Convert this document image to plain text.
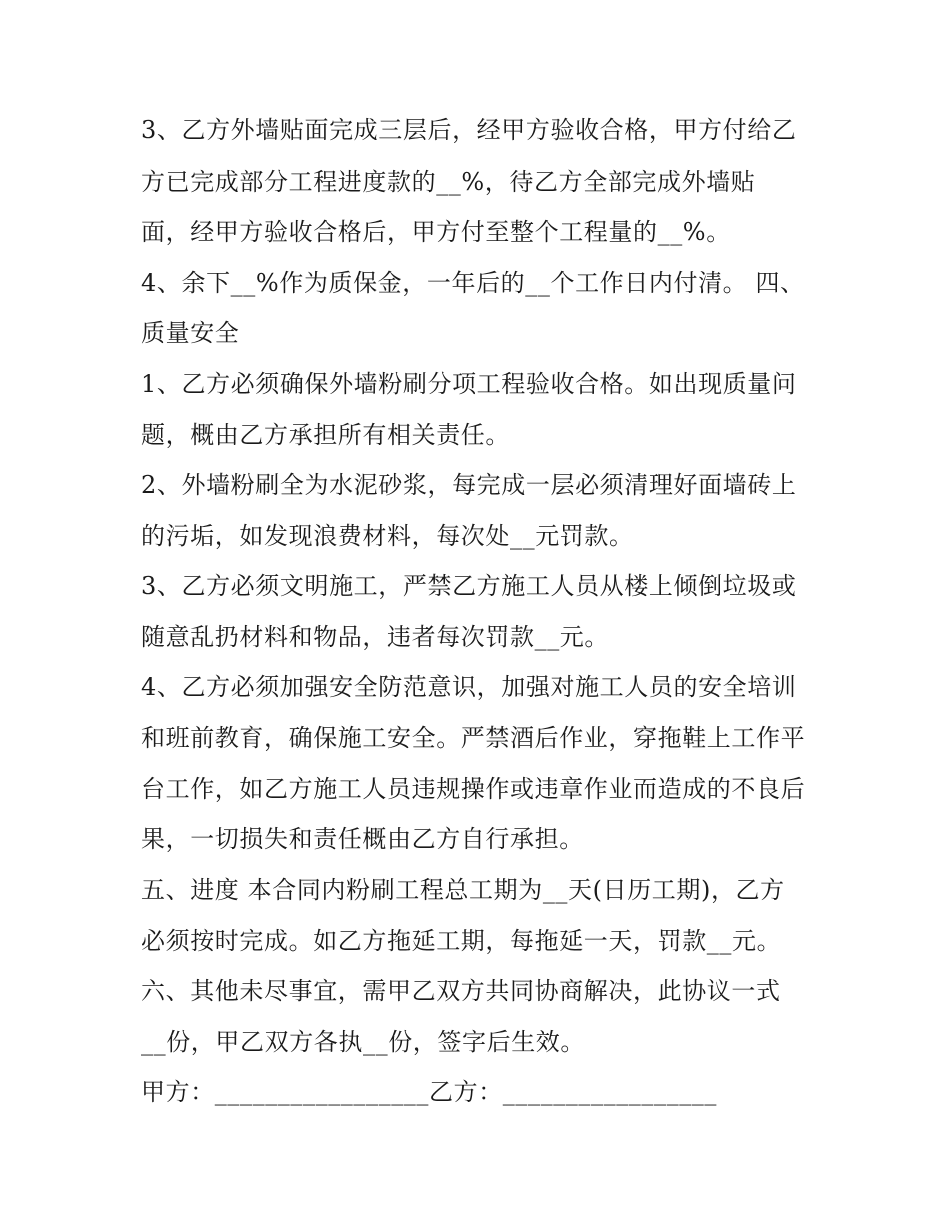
3、乙方外墙贴面完成三层后，经甲方验收合格，甲方付给乙
方已完成部分工程进度款的__%，待乙方全部完成外墙贴
面，经甲方验收合格后，甲方付至整个工程量的__%。
4、余下__%作为质保金，一年后的__个工作日内付清。 四、
质量安全
1、乙方必须确保外墙粉刷分项工程验收合格。如出现质量问
题，概由乙方承担所有相关责任。
2、外墙粉刷全为水泥砂浆，每完成一层必须清理好面墙砖上
的污垢，如发现浪费材料，每次处__元罚款。
3、乙方必须文明施工，严禁乙方施工人员从楼上倾倒垃圾或
随意乱扔材料和物品，违者每次罚款__元。
4、乙方必须加强安全防范意识，加强对施工人员的安全培训
和班前教育，确保施工安全。严禁酒后作业，穿拖鞋上工作平
台工作，如乙方施工人员违规操作或违章作业而造成的不良后
果，一切损失和责任概由乙方自行承担。
五、进度 本合同内粉刷工程总工期为__天(日历工期)，乙方
必须按时完成。如乙方拖延工期，每拖延一天，罚款__元。
六、其他未尽事宜，需甲乙双方共同协商解决，此协议一式
__份，甲乙双方各执__份，签字后生效。
甲方：_________________乙方：_________________
